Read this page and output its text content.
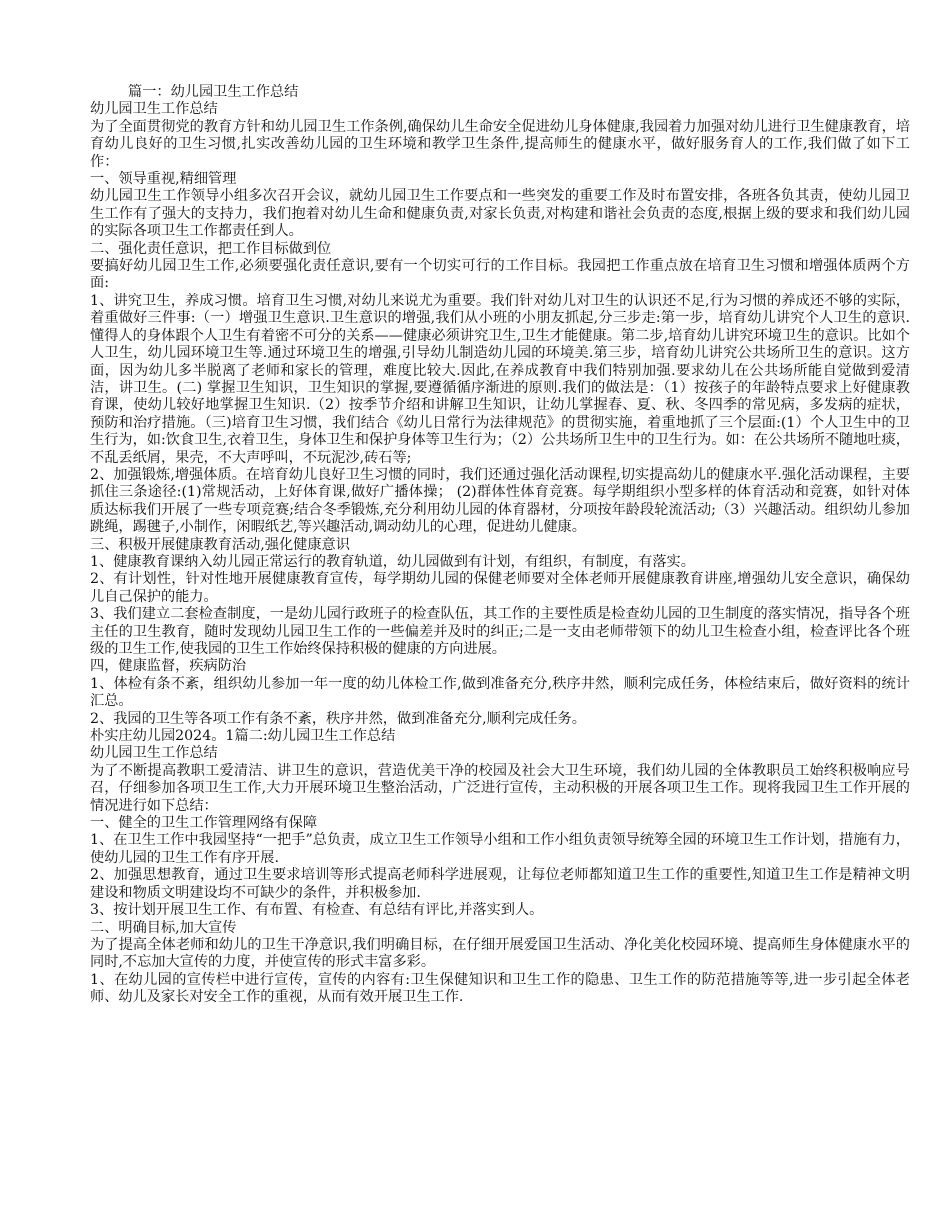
篇一：幼儿园卫生工作总结

幼儿园卫生工作总结

为了全面贯彻党的教育方针和幼儿园卫生工作条例,确保幼儿生命安全促进幼儿身体健康,我园着力加强对幼儿进行卫生健康教育，培育幼儿良好的卫生习惯,扎实改善幼儿园的卫生环境和教学卫生条件,提高师生的健康水平，做好服务育人的工作,我们做了如下工作：

一、领导重视,精细管理

幼儿园卫生工作领导小组多次召开会议，就幼儿园卫生工作要点和一些突发的重要工作及时布置安排，各班各负其责，使幼儿园卫生工作有了强大的支持力，我们抱着对幼儿生命和健康负责,对家长负责,对构建和谐社会负责的态度,根据上级的要求和我们幼儿园的实际各项卫生工作都责任到人。

二、强化责任意识，把工作目标做到位

要搞好幼儿园卫生工作,必须要强化责任意识,要有一个切实可行的工作目标。我园把工作重点放在培育卫生习惯和增强体质两个方面:

1、讲究卫生，养成习惯。培育卫生习惯,对幼儿来说尤为重要。我们针对幼儿对卫生的认识还不足,行为习惯的养成还不够的实际，着重做好三件事:（一）增强卫生意识.卫生意识的增强,我们从小班的小朋友抓起,分三步走:第一步，培育幼儿讲究个人卫生的意识.懂得人的身体跟个人卫生有着密不可分的关系——健康必须讲究卫生,卫生才能健康。第二步,培育幼儿讲究环境卫生的意识。比如个人卫生，幼儿园环境卫生等.通过环境卫生的增强,引导幼儿制造幼儿园的环境美.第三步，培育幼儿讲究公共场所卫生的意识。这方面，因为幼儿多半脱离了老师和家长的管理，难度比较大.因此,在养成教育中我们特别加强.要求幼儿在公共场所能自觉做到爱清洁，讲卫生。(二) 掌握卫生知识，卫生知识的掌握,要遵循循序渐进的原则.我们的做法是：（1）按孩子的年龄特点要求上好健康教育课，使幼儿较好地掌握卫生知识.（2）按季节介绍和讲解卫生知识，让幼儿掌握春、夏、秋、冬四季的常见病，多发病的症状，预防和治疗措施。（三)培育卫生习惯，我们结合《幼儿日常行为法律规范》的贯彻实施，着重地抓了三个层面:(1）个人卫生中的卫生行为，如:饮食卫生,衣着卫生，身体卫生和保护身体等卫生行为；（2）公共场所卫生中的卫生行为。如：在公共场所不随地吐痰，不乱丢纸屑，果壳，不大声呼叫，不玩泥沙,砖石等;

2、加强锻炼,增强体质。在培育幼儿良好卫生习惯的同时，我们还通过强化活动课程,切实提高幼儿的健康水平.强化活动课程，主要抓住三条途径:(1)常规活动，上好体育课,做好广播体操； (2)群体性体育竞赛。每学期组织小型多样的体育活动和竞赛，如针对体质达标我们开展了一些专项竞赛;结合冬季锻炼,充分利用幼儿园的体育器材，分项按年龄段轮流活动;（3）兴趣活动。组织幼儿参加跳绳，踢毽子,小制作，闲暇纸艺,等兴趣活动,调动幼儿的心理，促进幼儿健康。

三、积极开展健康教育活动,强化健康意识

1、健康教育课纳入幼儿园正常运行的教育轨道，幼儿园做到有计划，有组织，有制度，有落实。

2、有计划性，针对性地开展健康教育宣传，每学期幼儿园的保健老师要对全体老师开展健康教育讲座,增强幼儿安全意识，确保幼儿自己保护的能力。

3、我们建立二套检查制度，一是幼儿园行政班子的检查队伍，其工作的主要性质是检查幼儿园的卫生制度的落实情况，指导各个班主任的卫生教育，随时发现幼儿园卫生工作的一些偏差并及时的纠正;二是一支由老师带领下的幼儿卫生检查小组，检查评比各个班级的卫生工作,使我园的卫生工作始终保持积极的健康的方向进展。

四，健康监督，疾病防治

1、体检有条不紊，组织幼儿参加一年一度的幼儿体检工作,做到准备充分,秩序井然，顺利完成任务，体检结束后，做好资料的统计汇总。

2、我园的卫生等各项工作有条不紊，秩序井然，做到准备充分,顺利完成任务。

朴实庄幼儿园2024。1篇二:幼儿园卫生工作总结

幼儿园卫生工作总结

为了不断提高教职工爱清洁、讲卫生的意识，营造优美干净的校园及社会大卫生环境，我们幼儿园的全体教职员工始终积极响应号召，仔细参加各项卫生工作,大力开展环境卫生整治活动，广泛进行宣传，主动积极的开展各项卫生工作。现将我园卫生工作开展的情况进行如下总结：

一、健全的卫生工作管理网络有保障

1、在卫生工作中我园坚持“一把手”总负责，成立卫生工作领导小组和工作小组负责领导统筹全园的环境卫生工作计划，措施有力，使幼儿园的卫生工作有序开展.

2、加强思想教育，通过卫生要求培训等形式提高老师科学进展观，让每位老师都知道卫生工作的重要性,知道卫生工作是精神文明建设和物质文明建设均不可缺少的条件，并积极参加.

3、按计划开展卫生工作、有布置、有检查、有总结有评比,并落实到人。

二、明确目标,加大宣传

为了提高全体老师和幼儿的卫生干净意识,我们明确目标，在仔细开展爱国卫生活动、净化美化校园环境、提高师生身体健康水平的同时,不忘加大宣传的力度，并使宣传的形式丰富多彩。

1、在幼儿园的宣传栏中进行宣传，宣传的内容有:卫生保健知识和卫生工作的隐患、卫生工作的防范措施等等,进一步引起全体老师、幼儿及家长对安全工作的重视，从而有效开展卫生工作.
